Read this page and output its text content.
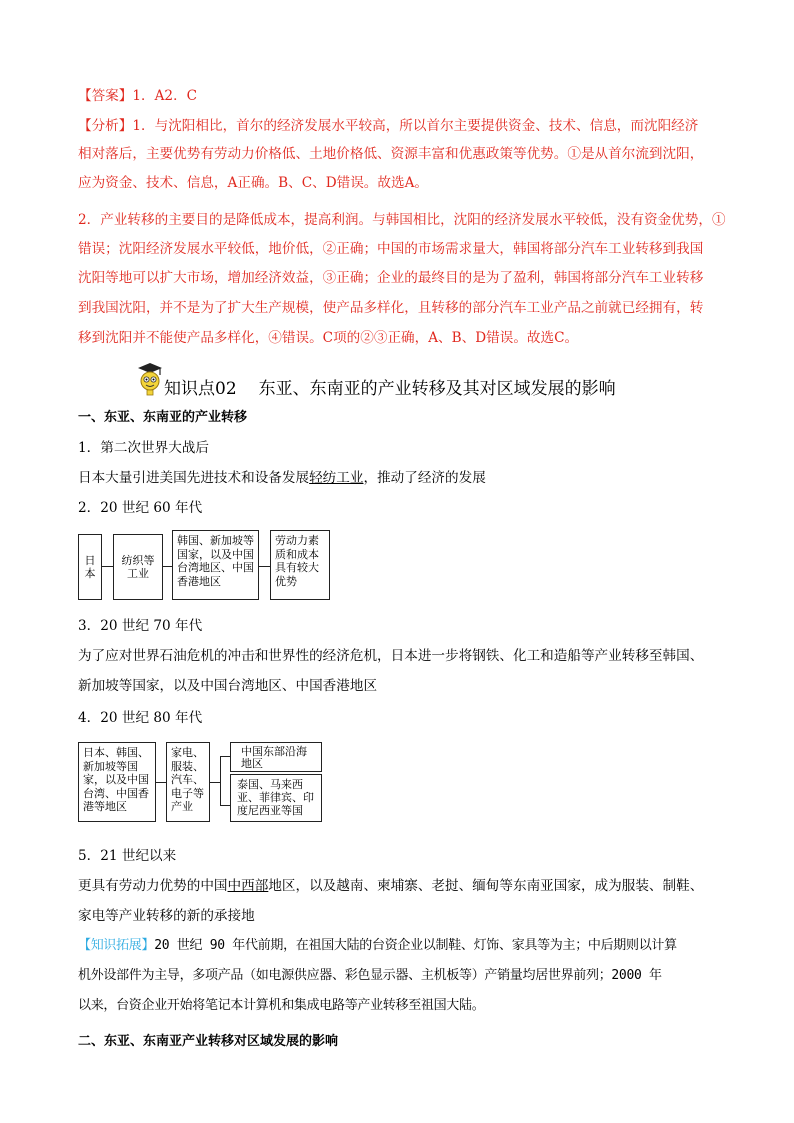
【答案】1．A2．C
【分析】1．与沈阳相比，首尔的经济发展水平较高，所以首尔主要提供资金、技术、信息，而沈阳经济
相对落后，主要优势有劳动力价格低、土地价格低、资源丰富和优惠政策等优势。①是从首尔流到沈阳，
应为资金、技术、信息，A正确。B、C、D错误。故选A。
2．产业转移的主要目的是降低成本，提高利润。与韩国相比，沈阳的经济发展水平较低，没有资金优势，①
错误；沈阳经济发展水平较低，地价低，②正确；中国的市场需求量大，韩国将部分汽车工业转移到我国
沈阳等地可以扩大市场，增加经济效益，③正确；企业的最终目的是为了盈利，韩国将部分汽车工业转移
到我国沈阳，并不是为了扩大生产规模，使产品多样化，且转移的部分汽车工业产品之前就已经拥有，转
移到沈阳并不能使产品多样化，④错误。C项的②③正确，A、B、D错误。故选C。
知识点02 东亚、东南亚的产业转移及其对区域发展的影响
一、东亚、东南亚的产业转移
1．第二次世界大战后
日本大量引进美国先进技术和设备发展轻纺工业，推动了经济的发展
2．20 世纪 60 年代
日本
纺织等工业
韩国、新加坡等国家，以及中国台湾地区、中国香港地区
劳动力素质和成本具有较大优势
3．20 世纪 70 年代
为了应对世界石油危机的冲击和世界性的经济危机，日本进一步将钢铁、化工和造船等产业转移至韩国、
新加坡等国家，以及中国台湾地区、中国香港地区
4．20 世纪 80 年代
日本、韩国、新加坡等国家，以及中国台湾、中国香港等地区
家电、服装、汽车、电子等产业
中国东部沿海地区
泰国、马来西亚、菲律宾、印度尼西亚等国
5．21 世纪以来
更具有劳动力优势的中国中西部地区，以及越南、柬埔寨、老挝、缅甸等东南亚国家，成为服装、制鞋、
家电等产业转移的新的承接地
【知识拓展】20 世纪 90 年代前期，在祖国大陆的台资企业以制鞋、灯饰、家具等为主；中后期则以计算
机外设部件为主导，多项产品（如电源供应器、彩色显示器、主机板等）产销量均居世界前列；2000 年
以来，台资企业开始将笔记本计算机和集成电路等产业转移至祖国大陆。
二、东亚、东南亚产业转移对区域发展的影响
